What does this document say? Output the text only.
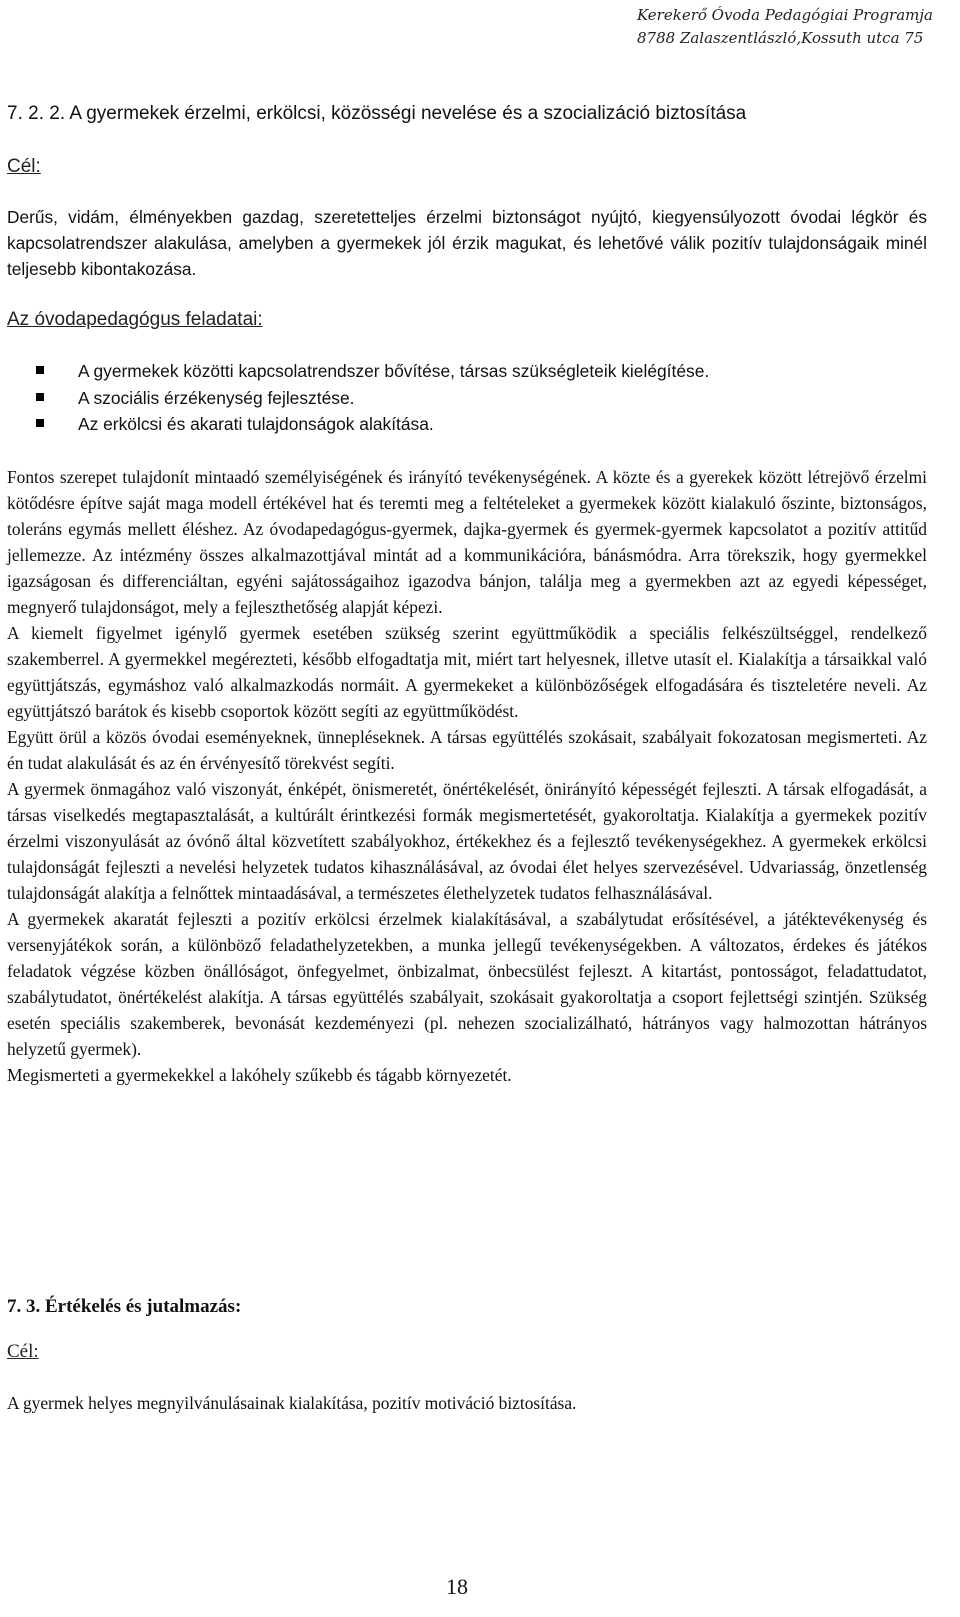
Kerekerő Óvoda Pedagógiai Programja
8788 Zalaszentlászló,Kossuth utca 75
7. 2. 2. A gyermekek érzelmi, erkölcsi, közösségi nevelése és a szocializáció biztosítása
Cél:

Derűs, vidám, élményekben gazdag, szeretetteljes érzelmi biztonságot nyújtó, kiegyensúlyozott óvodai légkör és kapcsolatrendszer alakulása, amelyben a gyermekek jól érzik magukat, és lehetővé válik pozitív tulajdonságaik minél teljesebb kibontakozása.

Az óvodapedagógus feladatai:
A gyermekek közötti kapcsolatrendszer bővítése, társas szükségleteik kielégítése.
A szociális érzékenység fejlesztése.
Az erkölcsi és akarati tulajdonságok alakítása.

Fontos szerepet tulajdonít mintaadó személyiségének és irányító tevékenységének. A közte és a gyerekek között létrejövő érzelmi kötődésre építve saját maga modell értékével hat és teremti meg a feltételeket a gyermekek között kialakuló őszinte, biztonságos, toleráns egymás mellett éléshez. Az óvodapedagógus-gyermek, dajka-gyermek és gyermek-gyermek kapcsolatot a pozitív attitűd jellemezze. Az intézmény összes alkalmazottjával mintát ad a kommunikációra, bánásmódra. Arra törekszik, hogy gyermekkel igazságosan és differenciáltan, egyéni sajátosságaihoz igazodva bánjon, találja meg a gyermekben azt az egyedi képességet, megnyerő tulajdonságot, mely a fejleszthetőség alapját képezi.

A kiemelt figyelmet igénylő gyermek esetében szükség szerint együttműködik a speciális felkészültséggel, rendelkező szakemberrel. A gyermekkel megérezteti, később elfogadtatja mit, miért tart helyesnek, illetve utasít el. Kialakítja a társaikkal való együttjátszás, egymáshoz való alkalmazkodás normáit. A gyermekeket a különbözőségek elfogadására és tiszteletére neveli. Az együttjátszó barátok és kisebb csoportok között segíti az együttműködést.

Együtt örül a közös óvodai eseményeknek, ünnepléseknek. A társas együttélés szokásait, szabályait fokozatosan megismerteti. Az én tudat alakulását és az én érvényesítő törekvést segíti.

A gyermek önmagához való viszonyát, énképét, önismeretét, önértékelését, önirányító képességét fejleszti. A társak elfogadását, a társas viselkedés megtapasztalását, a kultúrált érintkezési formák megismertetését, gyakoroltatja. Kialakítja a gyermekek pozitív érzelmi viszonyulását az óvónő által közvetített szabályokhoz, értékekhez és a fejlesztő tevékenységekhez. A gyermekek erkölcsi tulajdonságát fejleszti a nevelési helyzetek tudatos kihasználásával, az óvodai élet helyes szervezésével. Udvariasság, önzetlenség tulajdonságát alakítja a felnőttek mintaadásával, a természetes élethelyzetek tudatos felhasználásával.

A gyermekek akaratát fejleszti a pozitív erkölcsi érzelmek kialakításával, a szabálytudat erősítésével, a játéktevékenység és versenyjátékok során, a különböző feladathelyzetekben, a munka jellegű tevékenységekben. A változatos, érdekes és játékos feladatok végzése közben önállóságot, önfegyelmet, önbizalmat, önbecsülést fejleszt. A kitartást, pontosságot, feladattudatot, szabálytudatot, önértékelést alakítja. A társas együttélés szabályait, szokásait gyakoroltatja a csoport fejlettségi szintjén. Szükség esetén speciális szakemberek, bevonását kezdeményezi (pl. nehezen szocializálható, hátrányos vagy halmozottan hátrányos helyzetű gyermek).

Megismerteti a gyermekekkel a lakóhely szűkebb és tágabb környezetét.

7. 3. Értékelés és jutalmazás:
Cél:

A gyermek helyes megnyilvánulásainak kialakítása, pozitív motiváció biztosítása.

18
